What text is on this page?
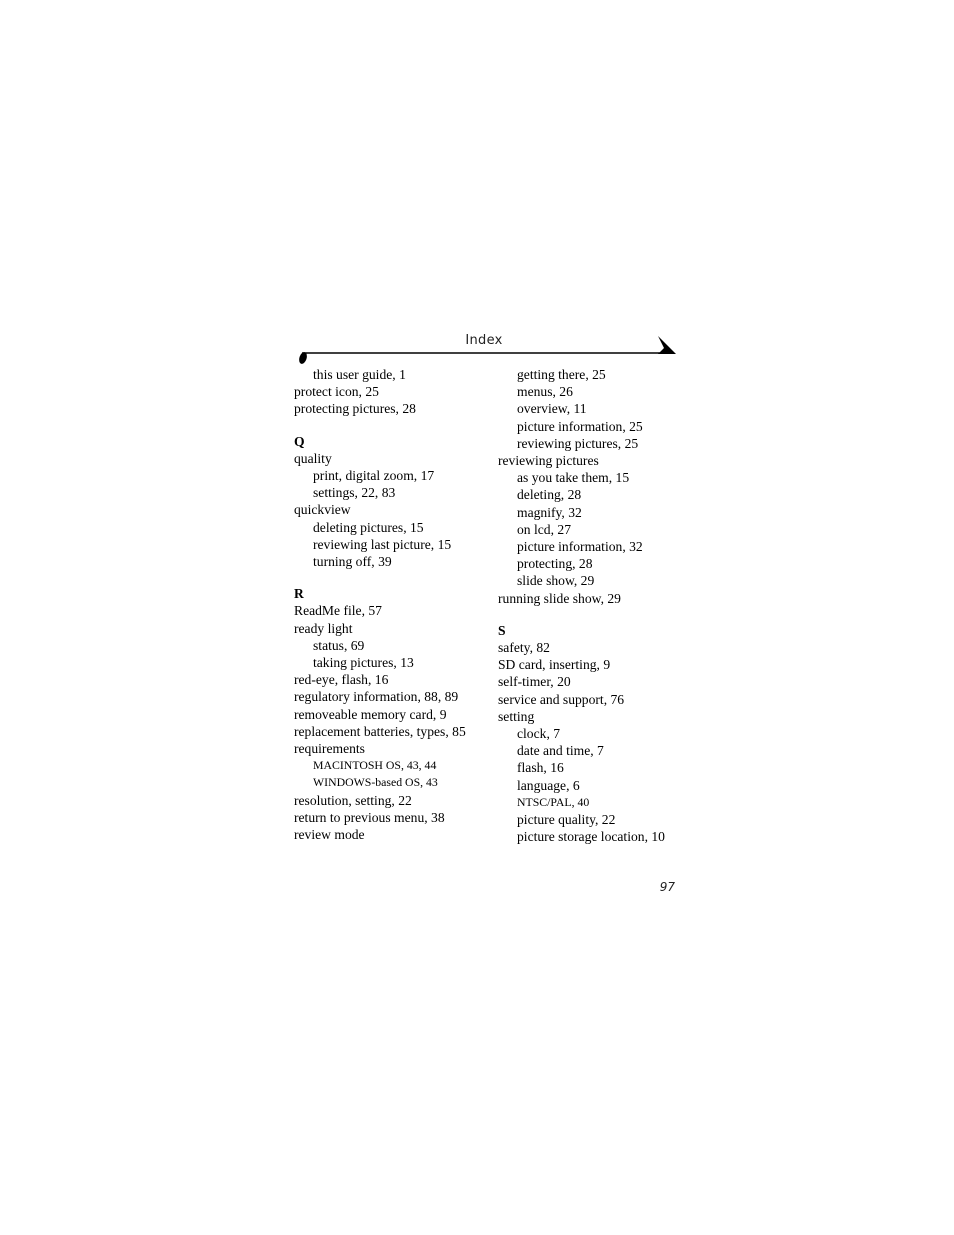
Index
this user guide, 1
protect icon, 25
protecting pictures, 28
Q
quality
print, digital zoom, 17
settings, 22, 83
quickview
deleting pictures, 15
reviewing last picture, 15
turning off, 39
R
ReadMe file, 57
ready light
status, 69
taking pictures, 13
red-eye, flash, 16
regulatory information, 88, 89
removeable memory card, 9
replacement batteries, types, 85
requirements
MACINTOSH OS, 43, 44
WINDOWS-based OS, 43
resolution, setting, 22
return to previous menu, 38
review mode
getting there, 25
menus, 26
overview, 11
picture information, 25
reviewing pictures, 25
reviewing pictures
as you take them, 15
deleting, 28
magnify, 32
on lcd, 27
picture information, 32
protecting, 28
slide show, 29
running slide show, 29
S
safety, 82
SD card, inserting, 9
self-timer, 20
service and support, 76
setting
clock, 7
date and time, 7
flash, 16
language, 6
NTSC/PAL, 40
picture quality, 22
picture storage location, 10
97
